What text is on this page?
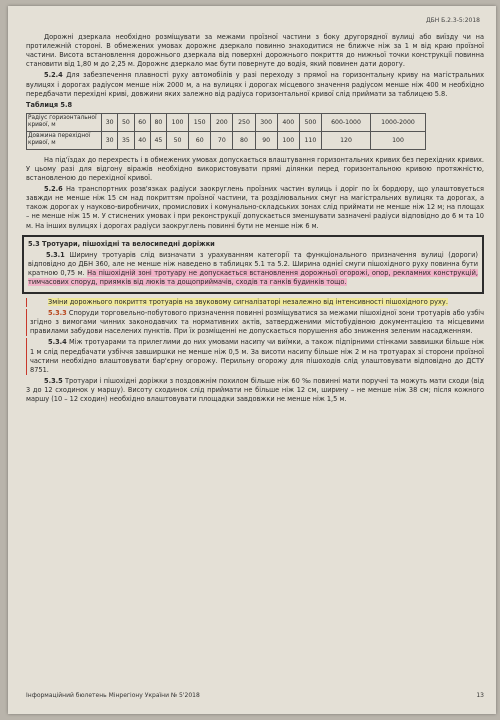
ДБН Б.2.3-5:2018

Дорожні дзеркала необхідно розміщувати за межами проїзної частини з боку другорядної вулиці або виїзду чи на протилежній стороні. В обмежених умовах дорожнє дзеркало повинно знаходитися не ближче ніж за 1 м від краю проїзної частини. Висота встановлення дорожнього дзеркала від поверхні дорожнього покриття до нижньої точки конструкції повинна становити від 1,80 м до 2,25 м. Дорожнє дзеркало має бути повернуте до водія, який повинен дати дорогу.

5.2.4 Для забезпечення плавності руху автомобілів у разі переходу з прямої на горизонтальну криву на магістральних вулицях і дорогах радіусом менше ніж 2000 м, а на вулицях і дорогах місцевого значення радіусом менше ніж 400 м необхідно передбачати перехідні криві, довжини яких залежно від радіуса горизонтальної кривої слід приймати за таблицею 5.8.

Таблиця 5.8
Радіус горизонтальної кривої, м	30	50	60	80	100	150	200	250	300	400	500	600-1000	1000-2000
Довжина перехідної кривої, м	30	35	40	45	50	60	70	80	90	100	110	120	100

На під'їздах до перехресть і в обмежених умовах допускається влаштування горизонтальних кривих без перехідних кривих. У цьому разі для відгону віражів необхідно використовувати прямі ділянки перед горизонтальною кривою протяжністю, встановленою до перехідної кривої.

5.2.6 На транспортних розв'язках радіуси заокруглень проїзних частин вулиць і доріг по їх бордюру, що улаштовується завжди не менше ніж 15 см над покриттям проїзної частини, та розділювальних смуг на магістральних вулицях та дорогах, а також дорогах у науково-виробничих, промислових і комунально-складських зонах слід приймати не менше ніж 12 м; на площах – не менше ніж 15 м. У стиснених умовах і при реконструкції допускається зменшувати зазначені радіуси відповідно до 6 м та 10 м. На інших вулицях і дорогах радіуси заокруглень повинні бути не менше ніж 6 м.

5.3 Тротуари, пішохідні та велосипедні доріжки

5.3.1 Ширину тротуарів слід визначати з урахуванням категорії та функціонального призначення вулиці (дороги) відповідно до ДБН 360, але не менше ніж наведено в таблицях 5.1 та 5.2. Ширина однієї смуги пішохідного руху повинна бути кратною 0,75 м. На пішохідній зоні тротуару не допускається встановлення дорожньої огорожі, опор, рекламних конструкцій, тимчасових споруд, приямків від люків та дощоприймачів, сходів та ганків будинків тощо.

Зміни дорожнього покриття тротуарів на звуковому сигналізаторі незалежно від інтенсивності пішохідного руху.

5.3.3 Споруди торговельно-побутового призначення повинні розміщуватися за межами пішохідної зони тротуарів або узбіч згідно з вимогами чинних законодавчих та нормативних актів, затвердженими містобудівною документацією та місцевими правилами забудови населених пунктів. При їх розміщенні не допускається порушення або зниження зеленим насадженням.

5.3.4 Між тротуарами та прилеглими до них умовами насипу чи виїмки, а також підпірними стінками заввишки більше ніж 1 м слід передбачати узбіччя завширшки не менше ніж 0,5 м. За висоти насипу більше ніж 2 м на тротуарах зі сторони проїзної частини необхідно влаштовувати бар'єрну огорожу. Перильну огорожу для пішоходів слід улаштовувати відповідно до ДСТУ 8751.

5.3.5 Тротуари і пішохідні доріжки з поздовжнім похилом більше ніж 60 ‰ повинні мати поручні та можуть мати сходи (від 3 до 12 сходинок у маршу). Висоту сходинок слід приймати не більше ніж 12 см, ширину – не менше ніж 38 см; після кожного маршу (10 – 12 сходин) необхідно влаштовувати площадки завдовжки не менше ніж 1,5 м.

Інформаційний бюлетень Мінрегіону України № 5'2018	13
